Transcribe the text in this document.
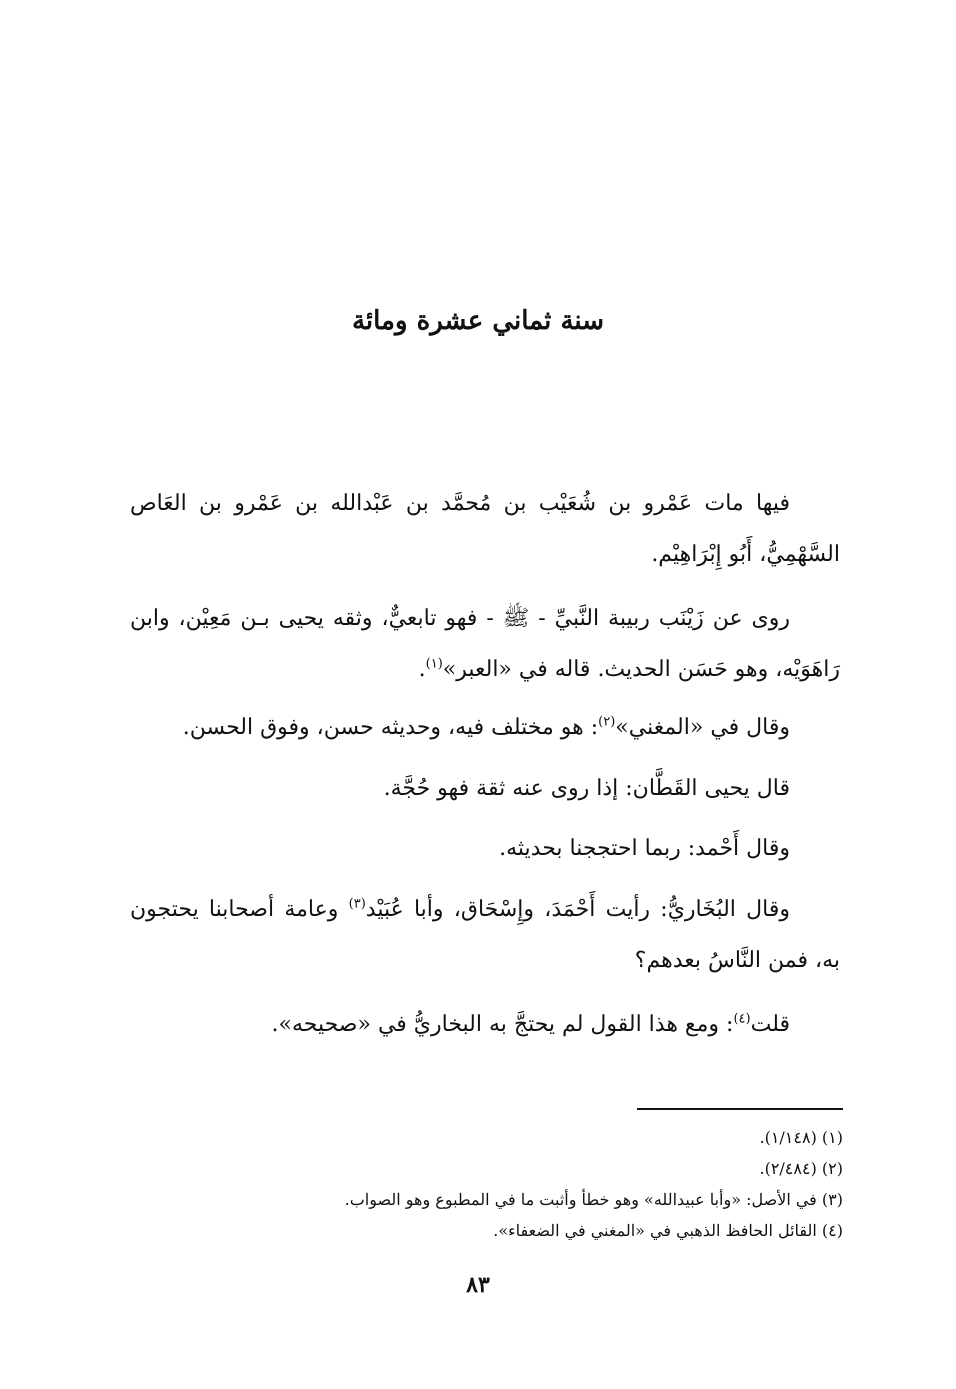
سنة ثماني عشرة ومائة

فيها مات عَمْرو بن شُعَيْب بن مُحمَّد بن عَبْدالله بن عَمْرو بن العَاص السَّهْمِيُّ، أَبُو إِبْرَاهِيْم.

روى عن زَيْنَب ربيبة النَّبيِّ - ﷺ - فهو تابعيٌّ، وثقه يحيى بـن مَعِيْن، وابن رَاهَوَيْه، وهو حَسَن الحديث. قاله في «العبر»$^{(١)}$.

وقال في «المغني»$^{(٢)}$: هو مختلف فيه، وحديثه حسن، وفوق الحسن.

قال يحيى القَطَّان: إذا روى عنه ثقة فهو حُجَّة.

وقال أَحْمد: ربما احتججنا بحديثه.

وقال البُخَاريُّ: رأيت أَحْمَدَ، وإِسْحَاق، وأبا عُبَيْد$^{(٣)}$ وعامة أصحابنا يحتجون به، فمن النَّاسُ بعدهم؟

قلت$^{(٤)}$: ومع هذا القول لم يحتجَّ به البخاريُّ في «صحيحه».

(١) (١/١٤٨).
(٢) (٢/٤٨٤).
(٣) في الأصل: «وأبا عبيدالله» وهو خطأ وأثبت ما في المطبوع وهو الصواب.
(٤) القائل الحافظ الذهبي في «المغني في الضعفاء».
٨٣
